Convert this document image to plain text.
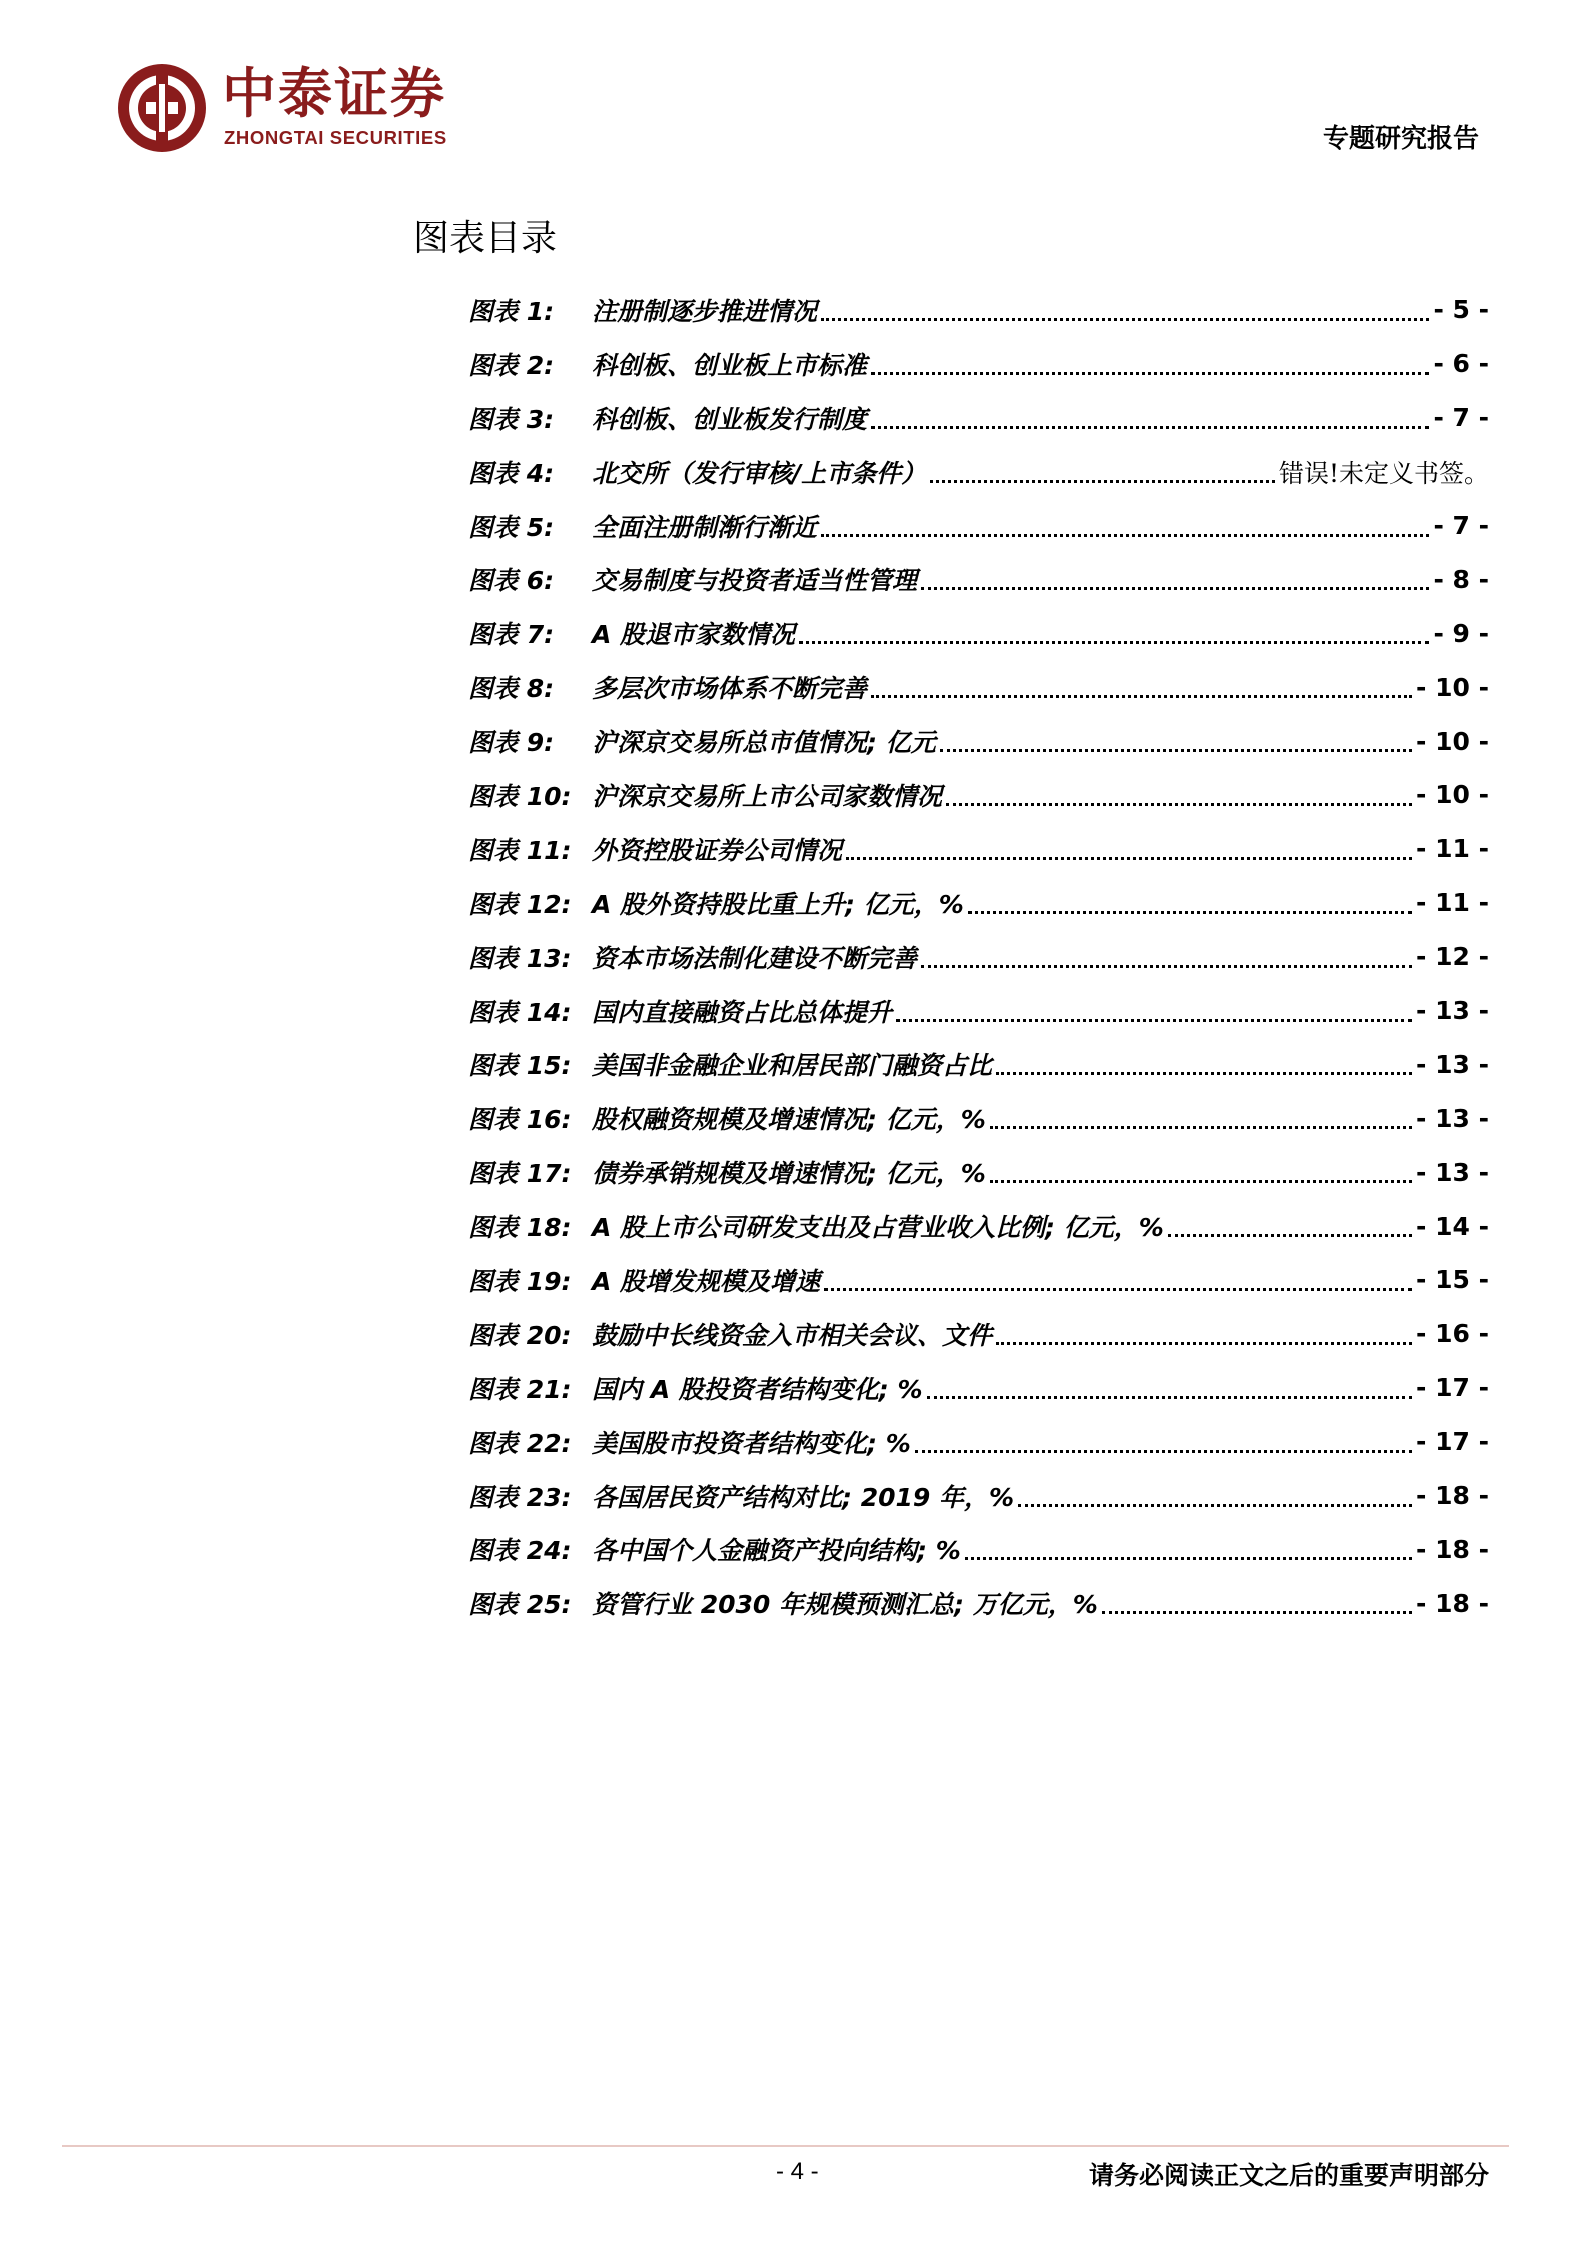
中泰证券
ZHONGTAI SECURITIES	专题研究报告
图表目录
图表 1:	注册制逐步推进情况	- 5 -
图表 2:	科创板、创业板上市标准	- 6 -
图表 3:	科创板、创业板发行制度	- 7 -
图表 4:	北交所（发行审核/上市条件）	错误!未定义书签。
图表 5:	全面注册制渐行渐近	- 7 -
图表 6:	交易制度与投资者适当性管理	- 8 -
图表 7:	A 股退市家数情况	- 9 -
图表 8:	多层次市场体系不断完善	- 10 -
图表 9:	沪深京交易所总市值情况; 亿元	- 10 -
图表 10: 沪深京交易所上市公司家数情况	- 10 -
图表 11: 外资控股证券公司情况	- 11 -
图表 12: A 股外资持股比重上升; 亿元，%	- 11 -
图表 13: 资本市场法制化建设不断完善	- 12 -
图表 14: 国内直接融资占比总体提升	- 13 -
图表 15: 美国非金融企业和居民部门融资占比	- 13 -
图表 16: 股权融资规模及增速情况; 亿元，%	- 13 -
图表 17: 债券承销规模及增速情况; 亿元，%	- 13 -
图表 18: A 股上市公司研发支出及占营业收入比例; 亿元，%	- 14 -
图表 19: A 股增发规模及增速	- 15 -
图表 20: 鼓励中长线资金入市相关会议、文件	- 16 -
图表 21: 国内 A 股投资者结构变化; %	- 17 -
图表 22: 美国股市投资者结构变化; %	- 17 -
图表 23: 各国居民资产结构对比; 2019 年，%	- 18 -
图表 24: 各中国个人金融资产投向结构; %	- 18 -
图表 25: 资管行业 2030 年规模预测汇总; 万亿元，%	- 18 -
- 4 -	请务必阅读正文之后的重要声明部分
